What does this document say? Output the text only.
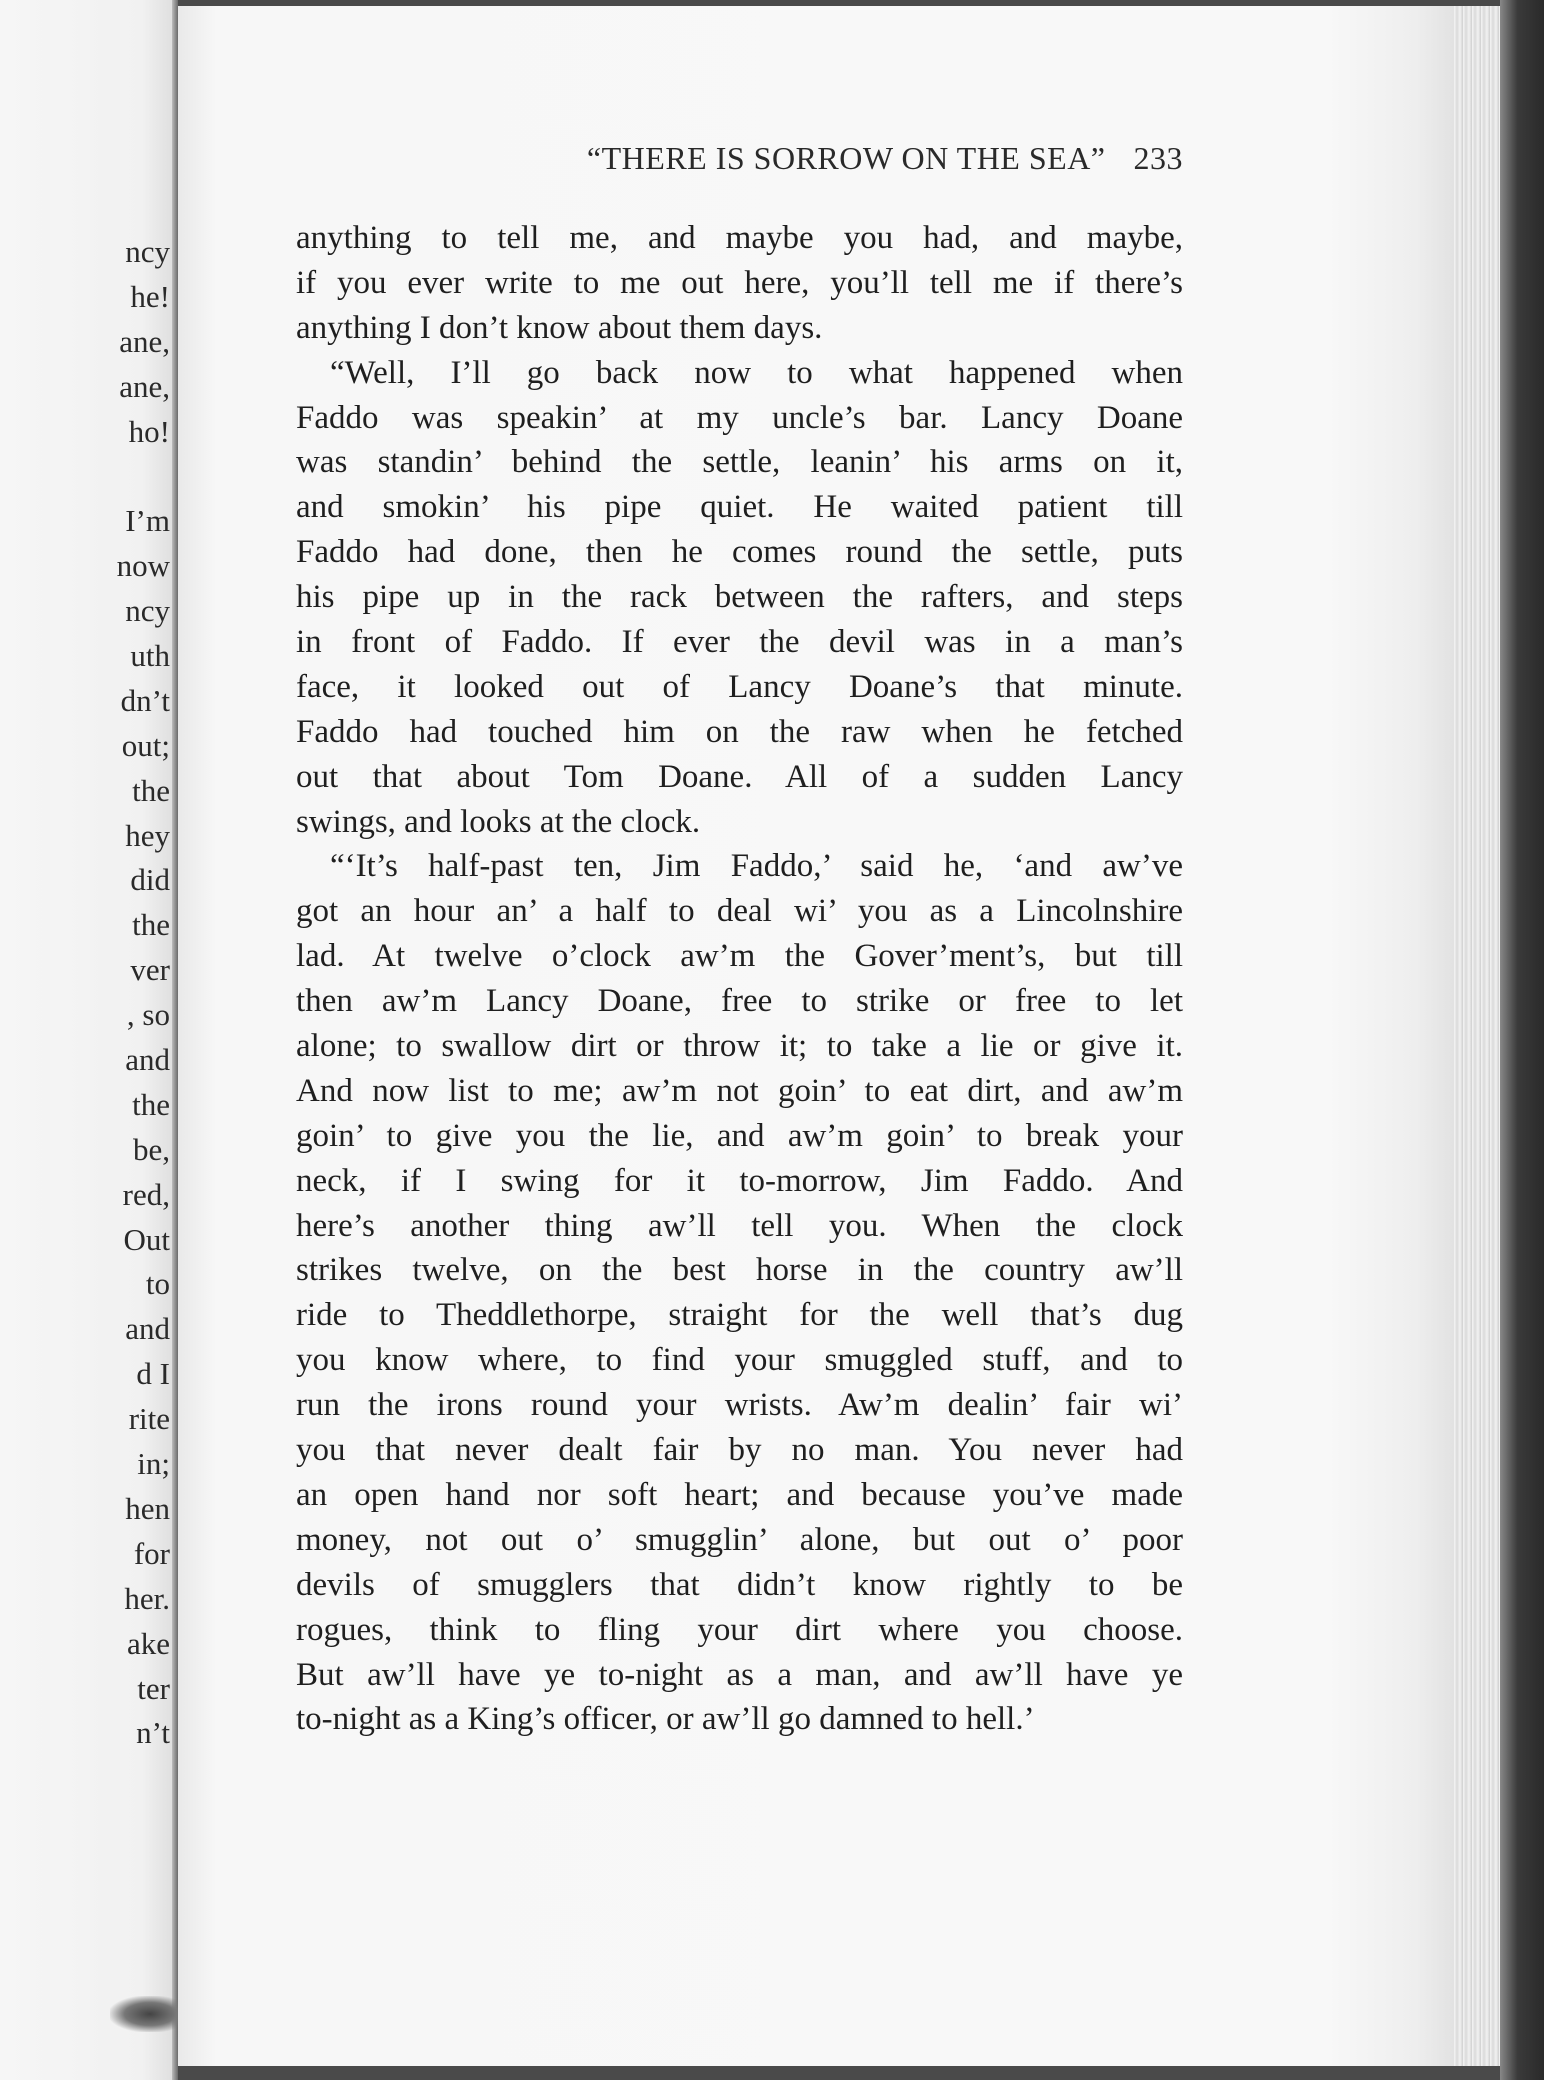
ncy
he!
ane,
ane,
ho!
I’m
now
ncy
uth
dn’t
out;
the
hey
did
the
ver
, so
and
the
be,
red,
Out
to
and
d I
rite
in;
hen
for
her.
ake
ter
n’t
“THERE IS SORROW ON THE SEA” 233
anything to tell me, and maybe you had, and maybe,
if you ever write to me out here, you’ll tell me if there’s
anything I don’t know about them days.
“Well, I’ll go back now to what happened when
Faddo was speakin’ at my uncle’s bar. Lancy Doane
was standin’ behind the settle, leanin’ his arms on it,
and smokin’ his pipe quiet. He waited patient till
Faddo had done, then he comes round the settle, puts
his pipe up in the rack between the rafters, and steps
in front of Faddo. If ever the devil was in a man’s
face, it looked out of Lancy Doane’s that minute.
Faddo had touched him on the raw when he fetched
out that about Tom Doane. All of a sudden Lancy
swings, and looks at the clock.
“‘It’s half-past ten, Jim Faddo,’ said he, ‘and aw’ve
got an hour an’ a half to deal wi’ you as a Lincolnshire
lad. At twelve o’clock aw’m the Gover’ment’s, but till
then aw’m Lancy Doane, free to strike or free to let
alone; to swallow dirt or throw it; to take a lie or give it.
And now list to me; aw’m not goin’ to eat dirt, and aw’m
goin’ to give you the lie, and aw’m goin’ to break your
neck, if I swing for it to-morrow, Jim Faddo. And
here’s another thing aw’ll tell you. When the clock
strikes twelve, on the best horse in the country aw’ll
ride to Theddlethorpe, straight for the well that’s dug
you know where, to find your smuggled stuff, and to
run the irons round your wrists. Aw’m dealin’ fair wi’
you that never dealt fair by no man. You never had
an open hand nor soft heart; and because you’ve made
money, not out o’ smugglin’ alone, but out o’ poor
devils of smugglers that didn’t know rightly to be
rogues, think to fling your dirt where you choose.
But aw’ll have ye to-night as a man, and aw’ll have ye
to-night as a King’s officer, or aw’ll go damned to hell.’
